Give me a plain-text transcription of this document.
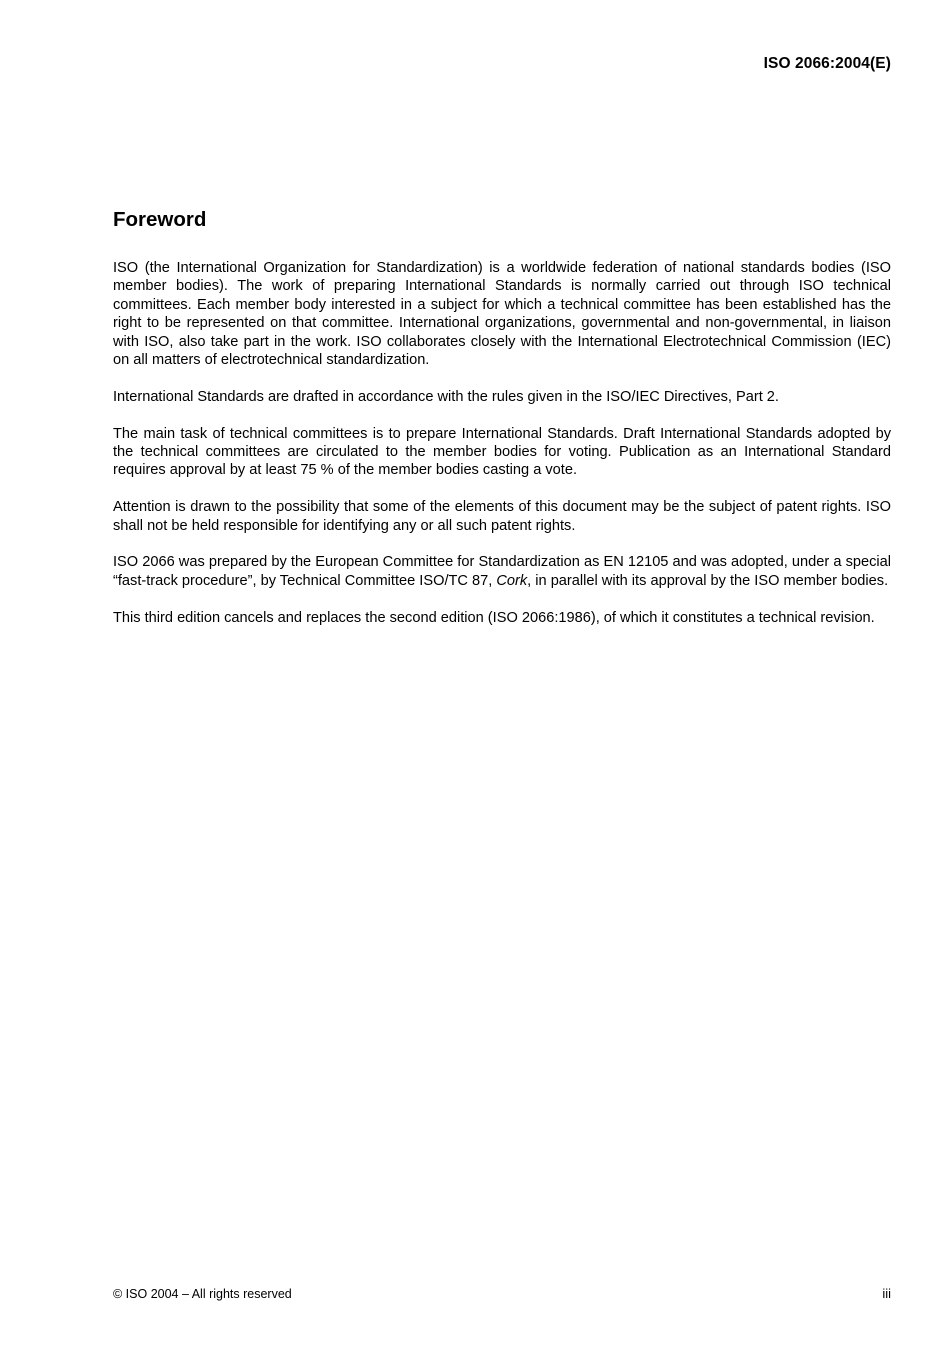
ISO 2066:2004(E)
Foreword

ISO (the International Organization for Standardization) is a worldwide federation of national standards bodies (ISO member bodies). The work of preparing International Standards is normally carried out through ISO technical committees. Each member body interested in a subject for which a technical committee has been established has the right to be represented on that committee. International organizations, governmental and non-governmental, in liaison with ISO, also take part in the work. ISO collaborates closely with the International Electrotechnical Commission (IEC) on all matters of electrotechnical standardization.

International Standards are drafted in accordance with the rules given in the ISO/IEC Directives, Part 2.

The main task of technical committees is to prepare International Standards. Draft International Standards adopted by the technical committees are circulated to the member bodies for voting. Publication as an International Standard requires approval by at least 75 % of the member bodies casting a vote.

Attention is drawn to the possibility that some of the elements of this document may be the subject of patent rights. ISO shall not be held responsible for identifying any or all such patent rights.

ISO 2066 was prepared by the European Committee for Standardization as EN 12105 and was adopted, under a special “fast-track procedure”, by Technical Committee ISO/TC 87, Cork, in parallel with its approval by the ISO member bodies.

This third edition cancels and replaces the second edition (ISO 2066:1986), of which it constitutes a technical revision.

© ISO 2004 – All rights reserved	iii
